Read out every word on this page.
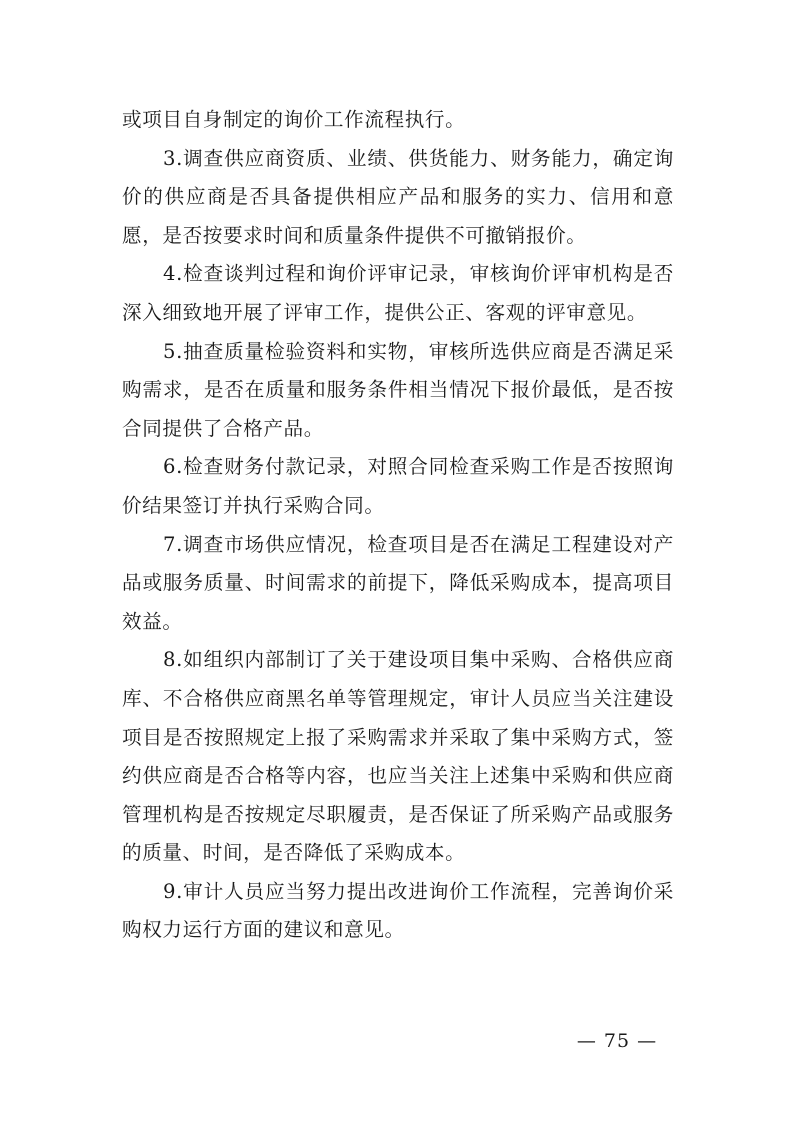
或项目自身制定的询价工作流程执行。

3.调查供应商资质、业绩、供货能力、财务能力，确定询价的供应商是否具备提供相应产品和服务的实力、信用和意愿，是否按要求时间和质量条件提供不可撤销报价。

4.检查谈判过程和询价评审记录，审核询价评审机构是否深入细致地开展了评审工作，提供公正、客观的评审意见。

5.抽查质量检验资料和实物，审核所选供应商是否满足采购需求，是否在质量和服务条件相当情况下报价最低，是否按合同提供了合格产品。

6.检查财务付款记录，对照合同检查采购工作是否按照询价结果签订并执行采购合同。

7.调查市场供应情况，检查项目是否在满足工程建设对产品或服务质量、时间需求的前提下，降低采购成本，提高项目效益。

8.如组织内部制订了关于建设项目集中采购、合格供应商库、不合格供应商黑名单等管理规定，审计人员应当关注建设项目是否按照规定上报了采购需求并采取了集中采购方式，签约供应商是否合格等内容，也应当关注上述集中采购和供应商管理机构是否按规定尽职履责，是否保证了所采购产品或服务的质量、时间，是否降低了采购成本。

9.审计人员应当努力提出改进询价工作流程，完善询价采购权力运行方面的建议和意见。

— 75 —
